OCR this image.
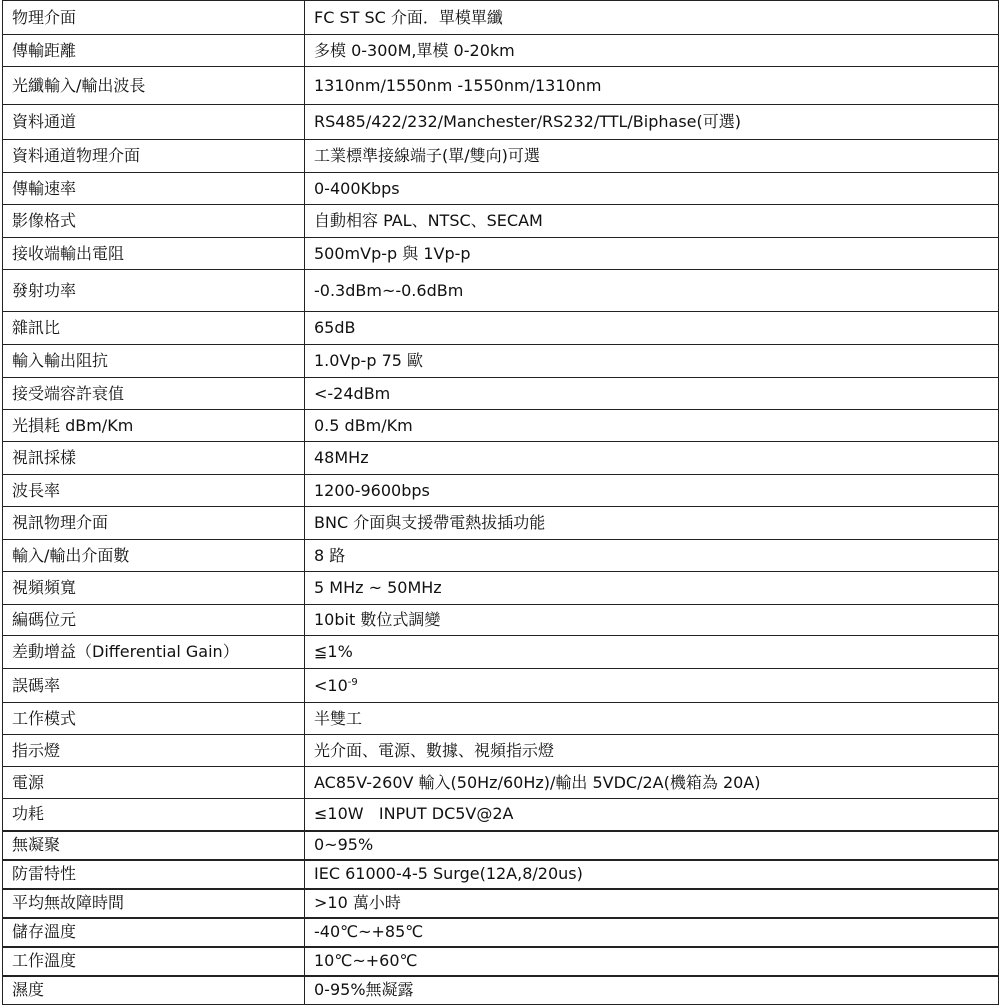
物理介面	FC ST SC 介面．單模單纖
傳輸距離	多模 0-300M,單模 0-20km
光纖輸入/輸出波長	1310nm/1550nm -1550nm/1310nm
資料通道	RS485/422/232/Manchester/RS232/TTL/Biphase(可選)
資料通道物理介面	工業標準接線端子(單/雙向)可選
傳輸速率	0-400Kbps
影像格式	自動相容 PAL、NTSC、SECAM
接收端輸出電阻	500mVp-p 與 1Vp-p
發射功率	-0.3dBm~-0.6dBm
雜訊比	65dB
輸入輸出阻抗	1.0Vp-p 75 歐
接受端容許衰值	<-24dBm
光損耗 dBm/Km	0.5 dBm/Km
視訊採樣	48MHz
波長率	1200-9600bps
視訊物理介面	BNC 介面與支援帶電熱拔插功能
輸入/輸出介面數	8 路
視頻頻寬	5 MHz ~ 50MHz
編碼位元	10bit 數位式調變
差動增益（Differential Gain）	≦1%
誤碼率	$<10^{-9}$
工作模式	半雙工
指示燈	光介面、電源、數據、視頻指示燈
電源	AC85V-260V 輸入(50Hz/60Hz)/輸出 5VDC/2A(機箱為 20A)
功耗	≤10W   INPUT DC5V@2A
無凝聚	0~95%
防雷特性	IEC 61000-4-5 Surge(12A,8/20us)
平均無故障時間	>10 萬小時
儲存溫度	-40℃~+85℃
工作溫度	10℃~+60℃
濕度	0-95%無凝露
